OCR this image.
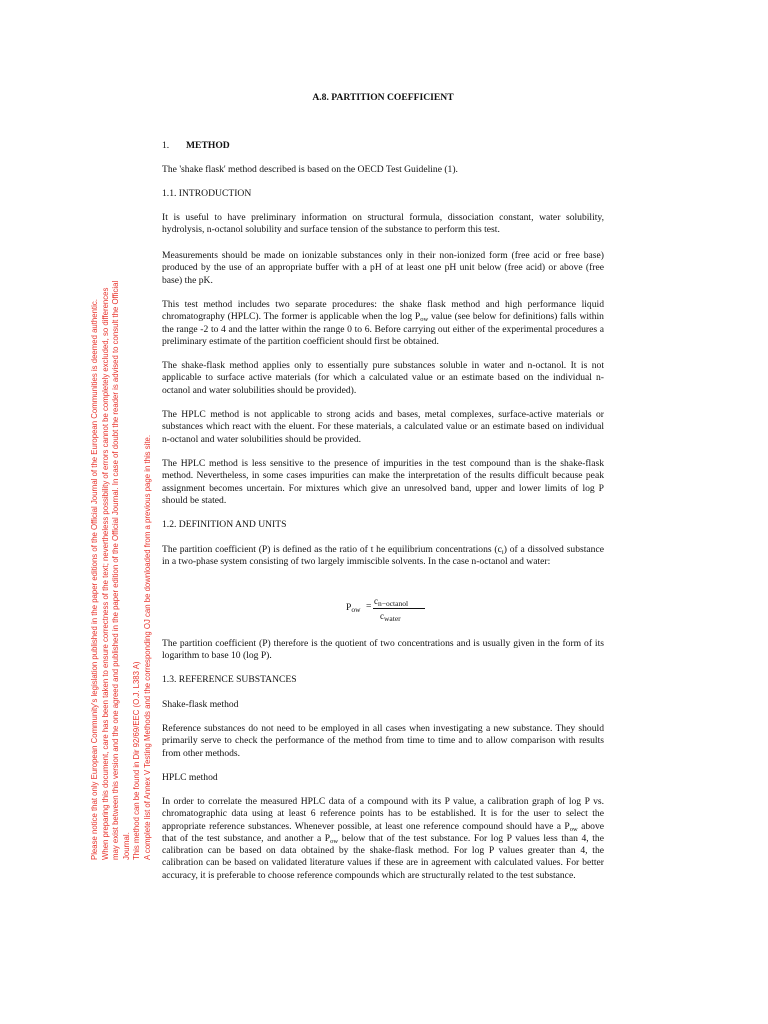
Please notice that only European Community's legislation published in the paper editions of the Official Journal of the European Communities is deemed authentic. When preparing this document, care has been taken to ensure correctness of the text; nevertheless possibility of errors cannot be completely excluded, so differences may exist between this version and the one agreed and published in the paper edition of the Official Journal. In case of doubt the reader is advised to consult the Official Journal. This method can be found in Dir 92/69/EEC (O.J. L383 A) A complete list of Annex V Testing Methods and the corresponding OJ can be downloaded from a previous page in this site.
A.8. PARTITION COEFFICIENT
1. METHOD

The 'shake flask' method described is based on the OECD Test Guideline (1).

1.1. INTRODUCTION

It is useful to have preliminary information on structural formula, dissociation constant, water solubility, hydrolysis, n-octanol solubility and surface tension of the substance to perform this test.

Measurements should be made on ionizable substances only in their non-ionized form (free acid or free base) produced by the use of an appropriate buffer with a pH of at least one pH unit below (free acid) or above (free base) the pK.

This test method includes two separate procedures: the shake flask method and high performance liquid chromatography (HPLC). The former is applicable when the $\log P_{ow}$ value (see below for definitions) falls within the range -2 to 4 and the latter within the range 0 to 6. Before carrying out either of the experimental procedures a preliminary estimate of the partition coefficient should first be obtained.

The shake-flask method applies only to essentially pure substances soluble in water and n-octanol. It is not applicable to surface active materials (for which a calculated value or an estimate based on the individual n-octanol and water solubilities should be provided).

The HPLC method is not applicable to strong acids and bases, metal complexes, surface-active materials or substances which react with the eluent. For these materials, a calculated value or an estimate based on individual n-octanol and water solubilities should be provided.

The HPLC method is less sensitive to the presence of impurities in the test compound than is the shake-flask method. Nevertheless, in some cases impurities can make the interpretation of the results difficult because peak assignment becomes uncertain. For mixtures which give an unresolved band, upper and lower limits of log P should be stated.

1.2. DEFINITION AND UNITS

The partition coefficient (P) is defined as the ratio of t he equilibrium concentrations $(c_i)$ of a dissolved substance in a two-phase system consisting of two largely immiscible solvents. In the case n-octanol and water:

$P_{ow} = c_{n-octanol}$
$c_{water}$

The partition coefficient (P) therefore is the quotient of two concentrations and is usually given in the form of its logarithm to base 10 (log P).

1.3. REFERENCE SUBSTANCES

Shake-flask method

Reference substances do not need to be employed in all cases when investigating a new substance. They should primarily serve to check the performance of the method from time to time and to allow comparison with results from other methods.

HPLC method

In order to correlate the measured HPLC data of a compound with its P value, a calibration graph of log P vs. chromatographic data using at least 6 reference points has to be established. It is for the user to select the appropriate reference substances. Whenever possible, at least one reference compound should have a $P_{ow}$ above that of the test substance, and another a $P_{ow}$ below that of the test substance. For log P values less than 4, the calibration can be based on data obtained by the shake-flask method. For log P values greater than 4, the calibration can be based on validated literature values if these are in agreement with calculated values. For better accuracy, it is preferable to choose reference compounds which are structurally related to the test substance.
